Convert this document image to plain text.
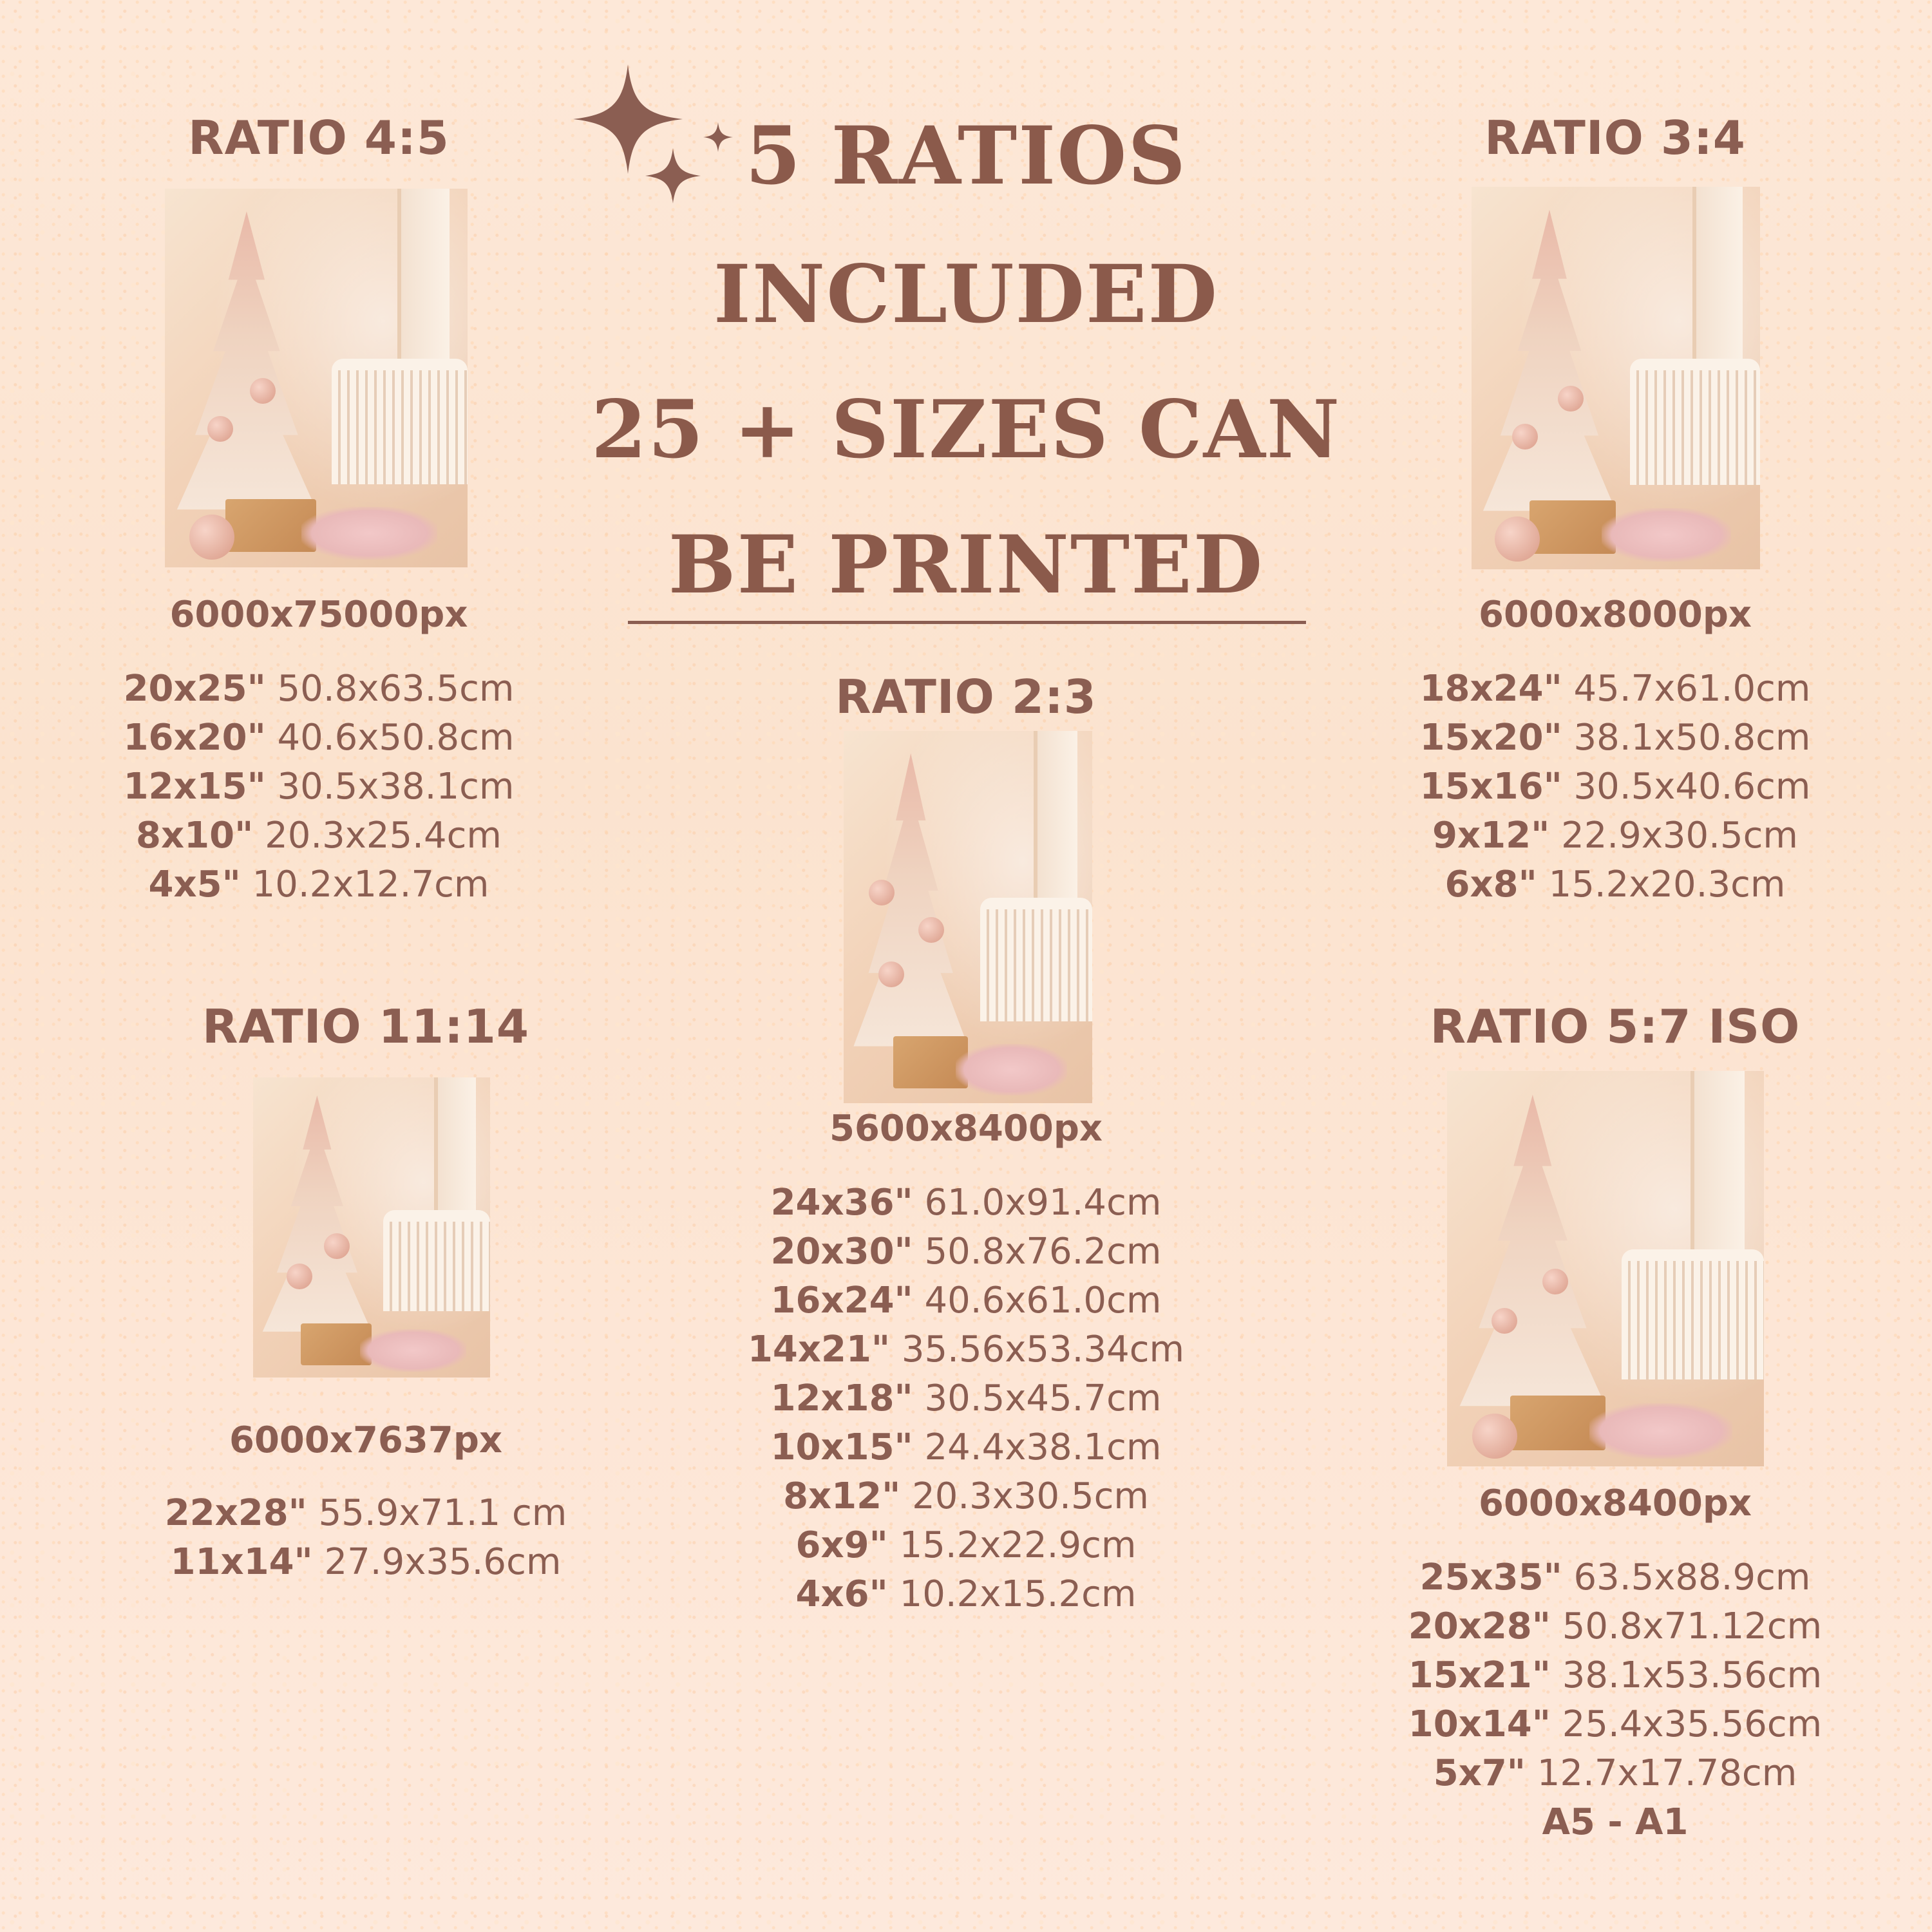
5 RATIOS
INCLUDED
25 + SIZES CAN
BE PRINTED
RATIO 4:5
6000x75000px
20x25" 50.8x63.5cm
16x20" 40.6x50.8cm
12x15" 30.5x38.1cm
8x10" 20.3x25.4cm
4x5" 10.2x12.7cm
RATIO 3:4
6000x8000px
18x24" 45.7x61.0cm
15x20" 38.1x50.8cm
15x16" 30.5x40.6cm
9x12" 22.9x30.5cm
6x8" 15.2x20.3cm
RATIO 2:3
5600x8400px
24x36" 61.0x91.4cm
20x30" 50.8x76.2cm
16x24" 40.6x61.0cm
14x21" 35.56x53.34cm
12x18" 30.5x45.7cm
10x15" 24.4x38.1cm
8x12" 20.3x30.5cm
6x9" 15.2x22.9cm
4x6" 10.2x15.2cm
RATIO 11:14
6000x7637px
22x28" 55.9x71.1 cm
11x14" 27.9x35.6cm
RATIO 5:7 ISO
6000x8400px
25x35" 63.5x88.9cm
20x28" 50.8x71.12cm
15x21" 38.1x53.56cm
10x14" 25.4x35.56cm
5x7" 12.7x17.78cm
A5 - A1
